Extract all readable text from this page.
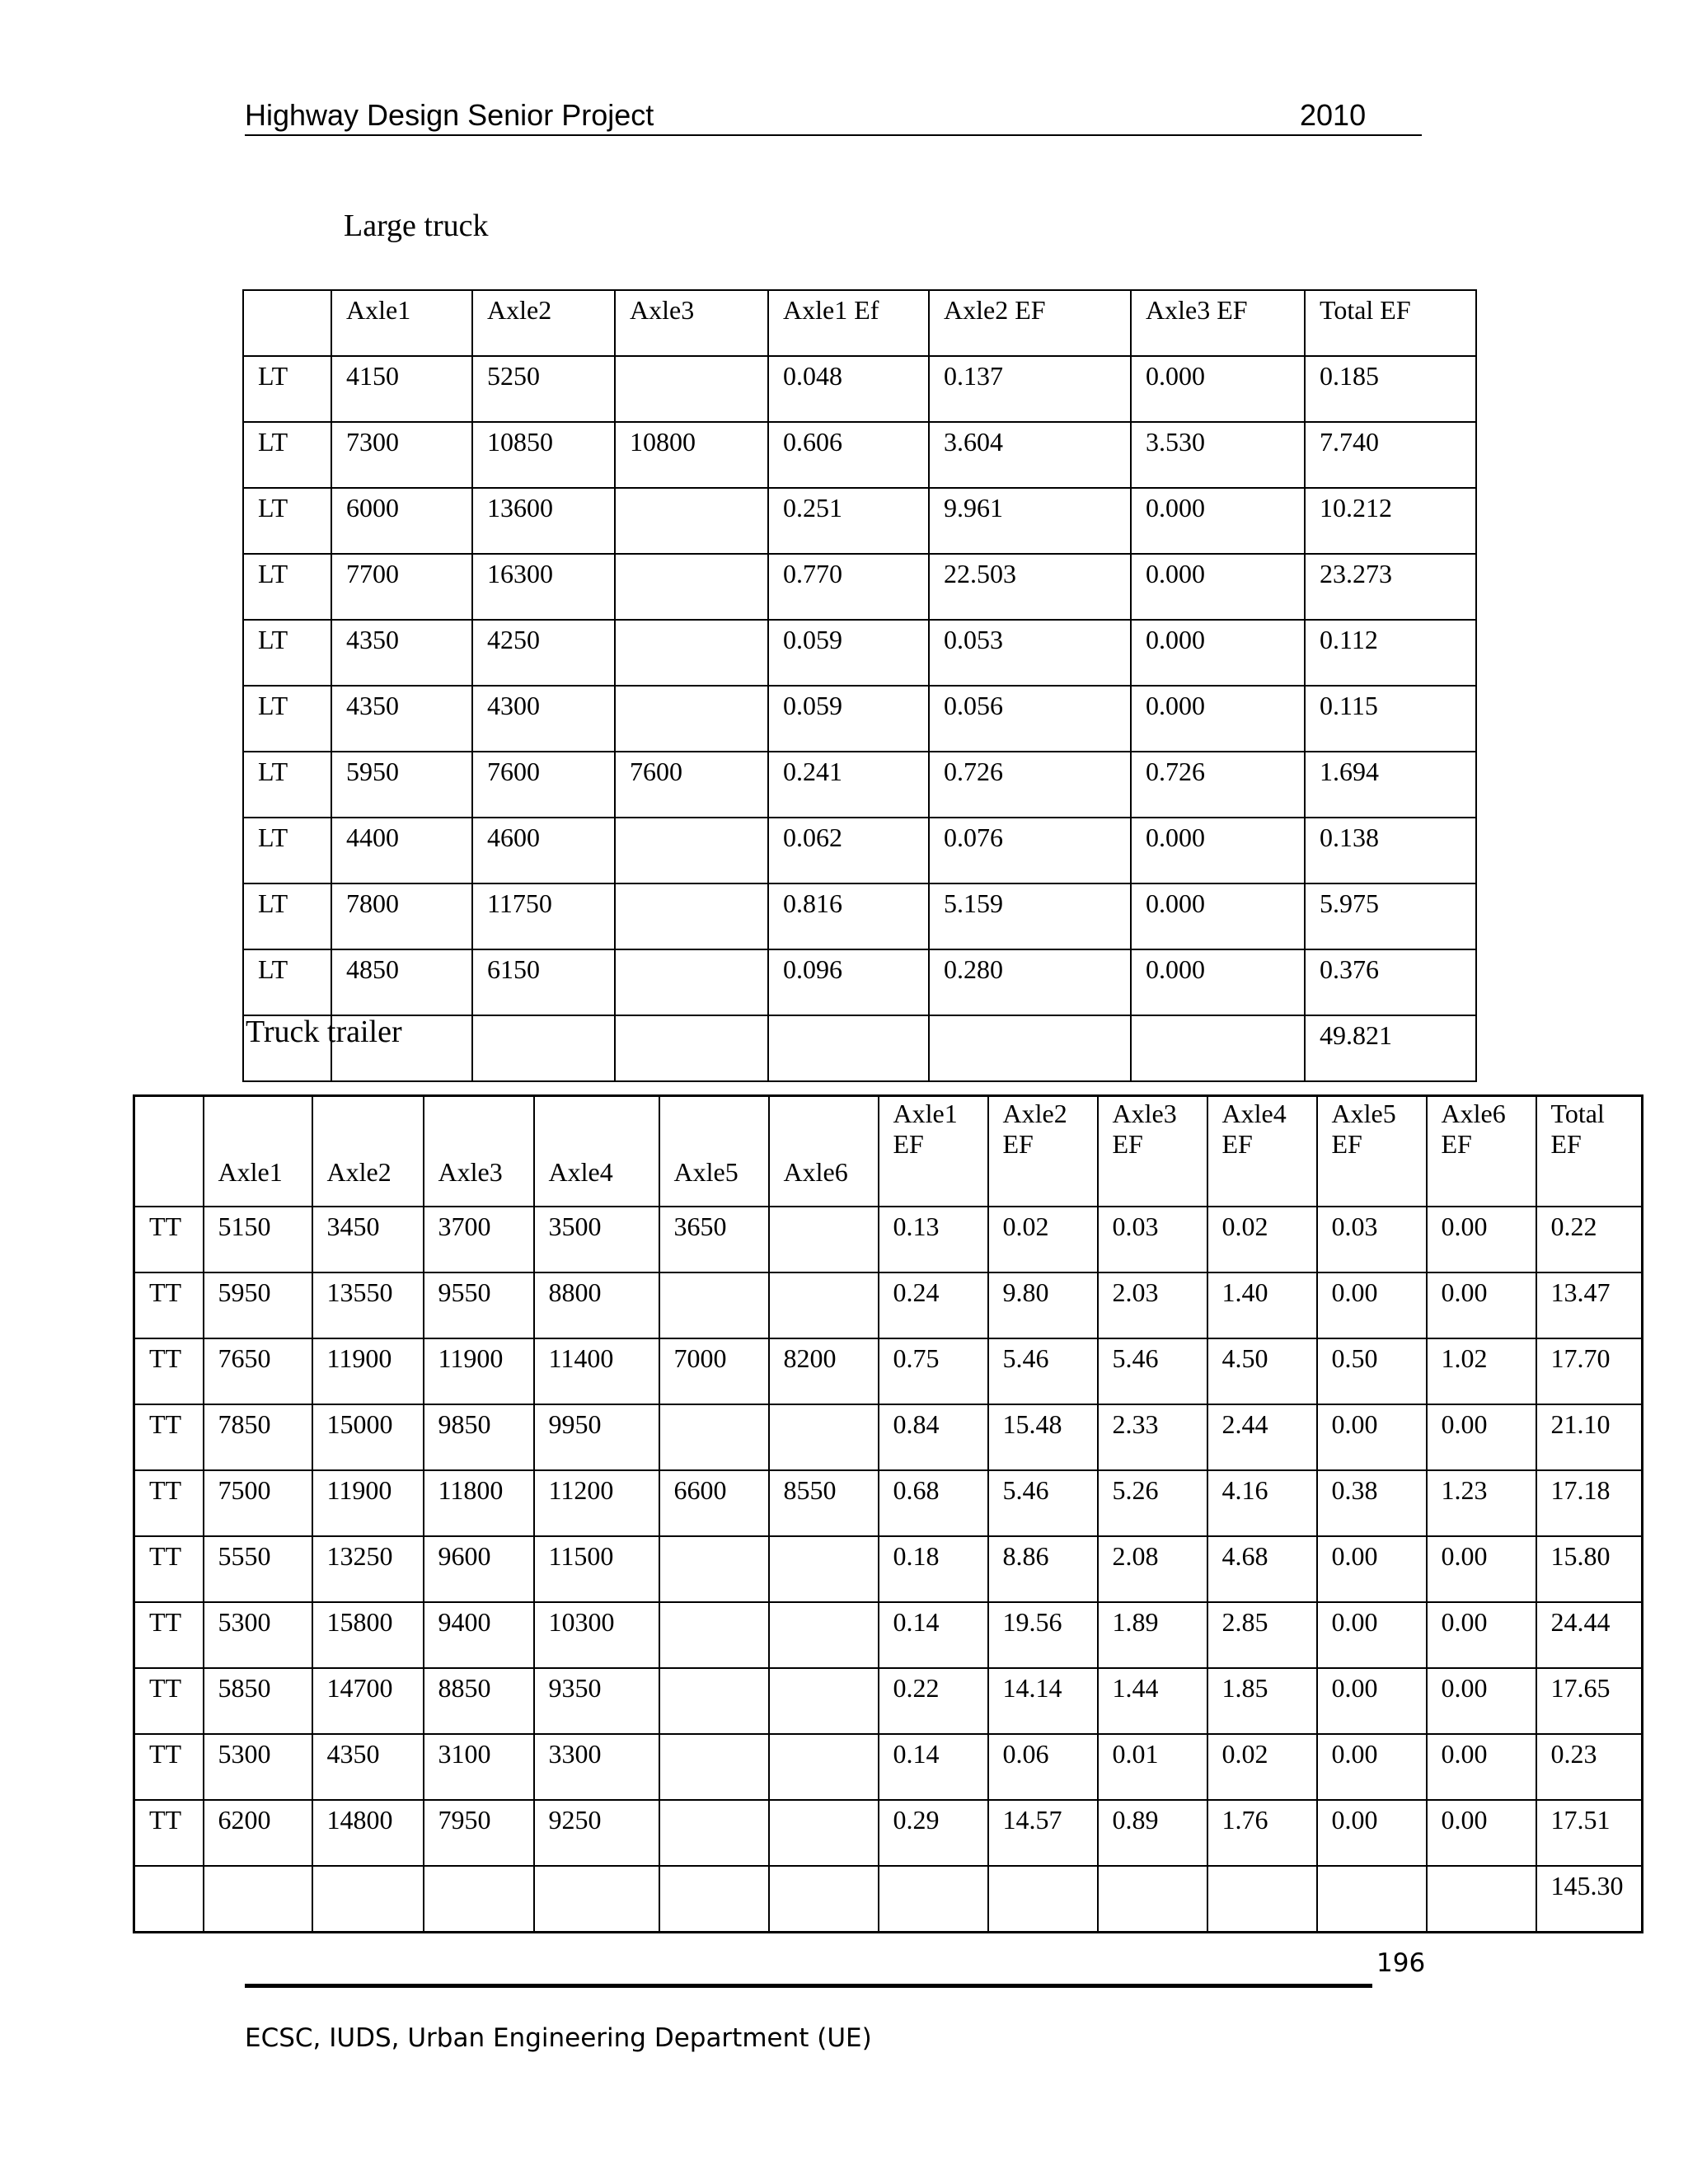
Highway Design Senior Project	2010
Large truck
	Axle1	Axle2	Axle3	Axle1 Ef	Axle2 EF	Axle3 EF	Total EF
LT	4150	5250		0.048	0.137	0.000	0.185
LT	7300	10850	10800	0.606	3.604	3.530	7.740
LT	6000	13600		0.251	9.961	0.000	10.212
LT	7700	16300		0.770	22.503	0.000	23.273
LT	4350	4250		0.059	0.053	0.000	0.112
LT	4350	4300		0.059	0.056	0.000	0.115
LT	5950	7600	7600	0.241	0.726	0.726	1.694
LT	4400	4600		0.062	0.076	0.000	0.138
LT	7800	11750		0.816	5.159	0.000	5.975
LT	4850	6150		0.096	0.280	0.000	0.376
							49.821
Truck trailer
	Axle1	Axle2	Axle3	Axle4	Axle5	Axle6	Axle1 EF	Axle2 EF	Axle3 EF	Axle4 EF	Axle5 EF	Axle6 EF	Total EF
TT	5150	3450	3700	3500	3650		0.13	0.02	0.03	0.02	0.03	0.00	0.22
TT	5950	13550	9550	8800			0.24	9.80	2.03	1.40	0.00	0.00	13.47
TT	7650	11900	11900	11400	7000	8200	0.75	5.46	5.46	4.50	0.50	1.02	17.70
TT	7850	15000	9850	9950			0.84	15.48	2.33	2.44	0.00	0.00	21.10
TT	7500	11900	11800	11200	6600	8550	0.68	5.46	5.26	4.16	0.38	1.23	17.18
TT	5550	13250	9600	11500			0.18	8.86	2.08	4.68	0.00	0.00	15.80
TT	5300	15800	9400	10300			0.14	19.56	1.89	2.85	0.00	0.00	24.44
TT	5850	14700	8850	9350			0.22	14.14	1.44	1.85	0.00	0.00	17.65
TT	5300	4350	3100	3300			0.14	0.06	0.01	0.02	0.00	0.00	0.23
TT	6200	14800	7950	9250			0.29	14.57	0.89	1.76	0.00	0.00	17.51
													145.30
196
ECSC, IUDS, Urban Engineering Department (UE)
